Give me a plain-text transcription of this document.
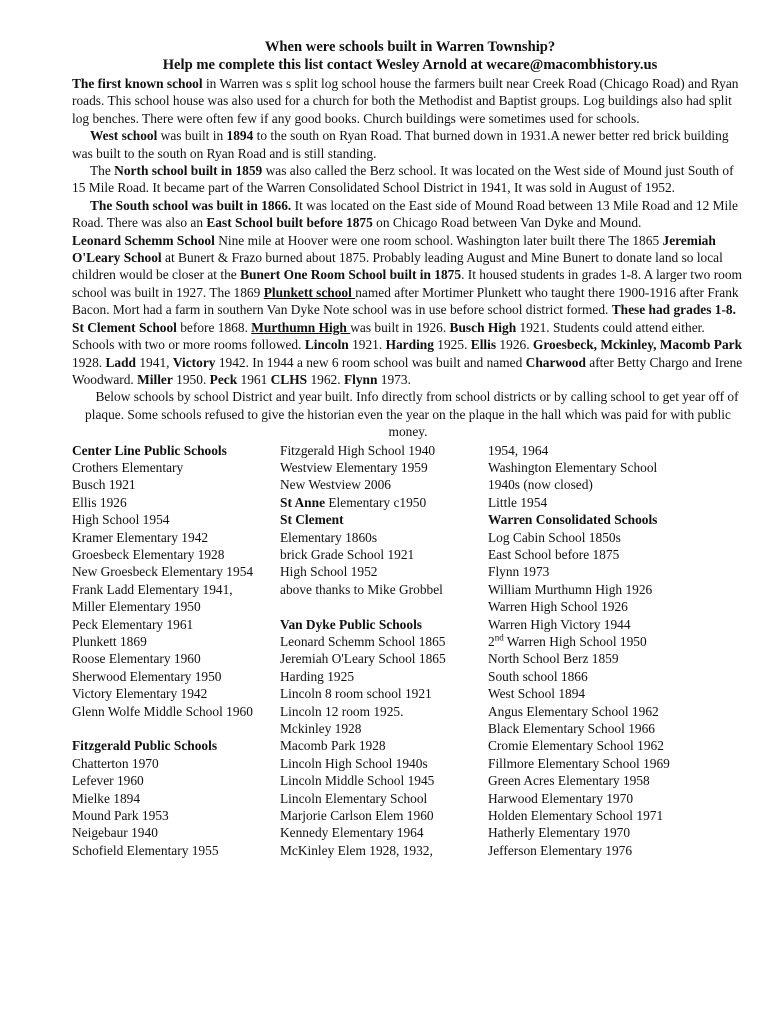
When were schools built in Warren Township?
Help me complete this list contact Wesley Arnold at wecare@macombhistory.us

The first known school in Warren was s split log school house the farmers built near Creek Road (Chicago Road) and Ryan roads. This school house was also used for a church for both the Methodist and Baptist groups. Log buildings also had split log benches. There were often few if any good books. Church buildings were sometimes used for schools.

West school was built in 1894 to the south on Ryan Road. That burned down in 1931.A newer better red brick building was built to the south on Ryan Road and is still standing.

The North school built in 1859 was also called the Berz school. It was located on the West side of Mound just South of 15 Mile Road. It became part of the Warren Consolidated School District in 1941, It was sold in August of 1952.

The South school was built in 1866. It was located on the East side of Mound Road between 13 Mile Road and 12 Mile Road. There was also an East School built before 1875 on Chicago Road between Van Dyke and Mound.

Leonard Schemm School Nine mile at Hoover were one room school. Washington later built there The 1865 Jeremiah O'Leary School at Bunert & Frazo burned about 1875. Probably leading August and Mine Bunert to donate land so local children would be closer at the Bunert One Room School built in 1875. It housed students in grades 1-8. A larger two room school was built in 1927. The 1869 Plunkett school named after Mortimer Plunkett who taught there 1900-1916 after Frank Bacon. Mort had a farm in southern Van Dyke Note school was in use before school district formed. These had grades 1-8. St Clement School before 1868. Murthumn High was built in 1926. Busch High 1921. Students could attend either. Schools with two or more rooms followed. Lincoln 1921. Harding 1925. Ellis 1926. Groesbeck, Mckinley, Macomb Park 1928. Ladd 1941, Victory 1942. In 1944 a new 6 room school was built and named Charwood after Betty Chargo and Irene Woodward. Miller 1950. Peck 1961 CLHS 1962. Flynn 1973.

Below schools by school District and year built. Info directly from school districts or by calling school to get year off of plaque. Some schools refused to give the historian even the year on the plaque in the hall which was paid for with public money.

Center Line Public Schools
Crothers Elementary
Busch 1921
Ellis 1926
High School 1954
Kramer Elementary 1942
Groesbeck Elementary 1928
New Groesbeck Elementary 1954
Frank Ladd Elementary 1941,
Miller Elementary 1950
Peck Elementary 1961
Plunkett 1869
Roose Elementary 1960
Sherwood Elementary 1950
Victory Elementary 1942
Glenn Wolfe Middle School 1960
Fitzgerald Public Schools
Chatterton 1970
Lefever 1960
Mielke 1894
Mound Park 1953
Neigebaur 1940
Schofield Elementary 1955
Fitzgerald High School 1940
Westview Elementary 1959
New Westview 2006
St Anne Elementary c1950
St Clement
Elementary 1860s
brick Grade School 1921
High School 1952
above thanks to Mike Grobbel
Van Dyke Public Schools
Leonard Schemm School 1865
Jeremiah O'Leary School 1865
Harding 1925
Lincoln 8 room school 1921
Lincoln 12 room 1925.
Mckinley 1928
Macomb Park 1928
Lincoln High School 1940s
Lincoln Middle School 1945
Lincoln Elementary School
Marjorie Carlson Elem 1960
Kennedy Elementary 1964
McKinley Elem 1928, 1932,
1954, 1964
Washington Elementary School
1940s (now closed)
Little 1954
Warren Consolidated Schools
Log Cabin School 1850s
East School before 1875
Flynn 1973
William Murthumn High 1926
Warren High School 1926
Warren High Victory 1944
2nd Warren High School 1950
North School Berz 1859
South school 1866
West School 1894
Angus Elementary School 1962
Black Elementary School 1966
Cromie Elementary School 1962
Fillmore Elementary School 1969
Green Acres Elementary 1958
Harwood Elementary 1970
Holden Elementary School 1971
Hatherly Elementary 1970
Jefferson Elementary 1976
